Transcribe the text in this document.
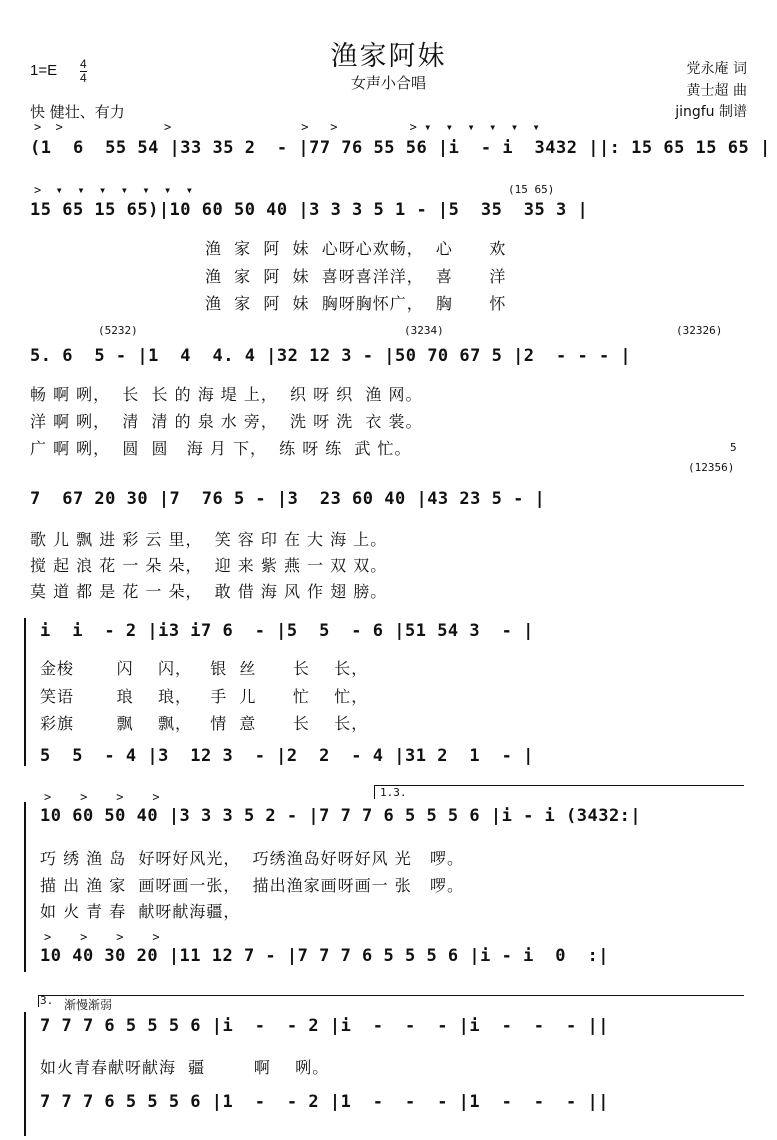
渔家阿妹
女声小合唱
1=E 4
4
快 健壮、有力
党永庵 词
黄士超 曲
jingfu 制谱
>  >              >                  >   >          > ▾  ▾  ▾  ▾  ▾  ▾
(1  6  55 54 |33 35 2  - |77 76 55 56 |i  - i  3432 ||: 15 65 15 65 |
>  ▾  ▾  ▾  ▾  ▾  ▾  ▾	(15 65)
15 65 15 65)|10 60 50 40 |3 3 3 5 1 - |5  35  35 3 |
渔  家  阿  妹  心呀心欢畅，  心      欢
渔  家  阿  妹  喜呀喜洋洋，  喜      洋
渔  家  阿  妹  胸呀胸怀广，  胸      怀
(5232)	(3234)	(32326)
5. 6  5 - |1  4  4. 4 |32 12 3 - |50 70 67 5 |2  - - - |
畅 啊 咧，  长  长 的 海 堤 上，  织 呀 织  渔 网。
洋 啊 咧，  清  清 的 泉 水 旁，  洗 呀 洗  衣 裳。
广 啊 咧，  圆  圆   海 月 下，  练 呀 练  武 忙。	5
(12356)
7  67 20 30 |7  76 5 - |3  23 60 40 |43 23 5 - |
歌 儿 飘 进 彩 云 里，  笑 容 印 在 大 海 上。
搅 起 浪 花 一 朵 朵，  迎 来 紫 燕 一 双 双。
莫 道 都 是 花 一 朵，  敢 借 海 风 作 翅 膀。
i  i  - 2 |i3 i7 6  - |5  5  - 6 |51 54 3  - |
金梭       闪    闪，   银  丝      长    长，
笑语       琅    琅，   手  儿      忙    忙，
彩旗       飘    飘，   情  意      长    长，
5  5  - 4 |3  12 3  - |2  2  - 4 |31 2  1  - |
1.3.
>    >    >    >
10 60 50 40 |3 3 3 5 2 - |7 7 7 6 5 5 5 6 |i - i (3432:|
巧 绣 渔 岛  好呀好风光，  巧绣渔岛好呀好风 光   啰。
描 出 渔 家  画呀画一张，  描出渔家画呀画一 张   啰。
如 火 青 春  献呀献海疆，
>    >    >    >
10 40 30 20 |11 12 7 - |7 7 7 6 5 5 5 6 |i - i  0  :|
3. 渐慢渐弱
7 7 7 6 5 5 5 6 |i  -  - 2 |i  -  -  - |i  -  -  - ||
如火青春献呀献海  疆        啊    咧。
7 7 7 6 5 5 5 6 |1  -  - 2 |1  -  -  - |1  -  -  - ||
